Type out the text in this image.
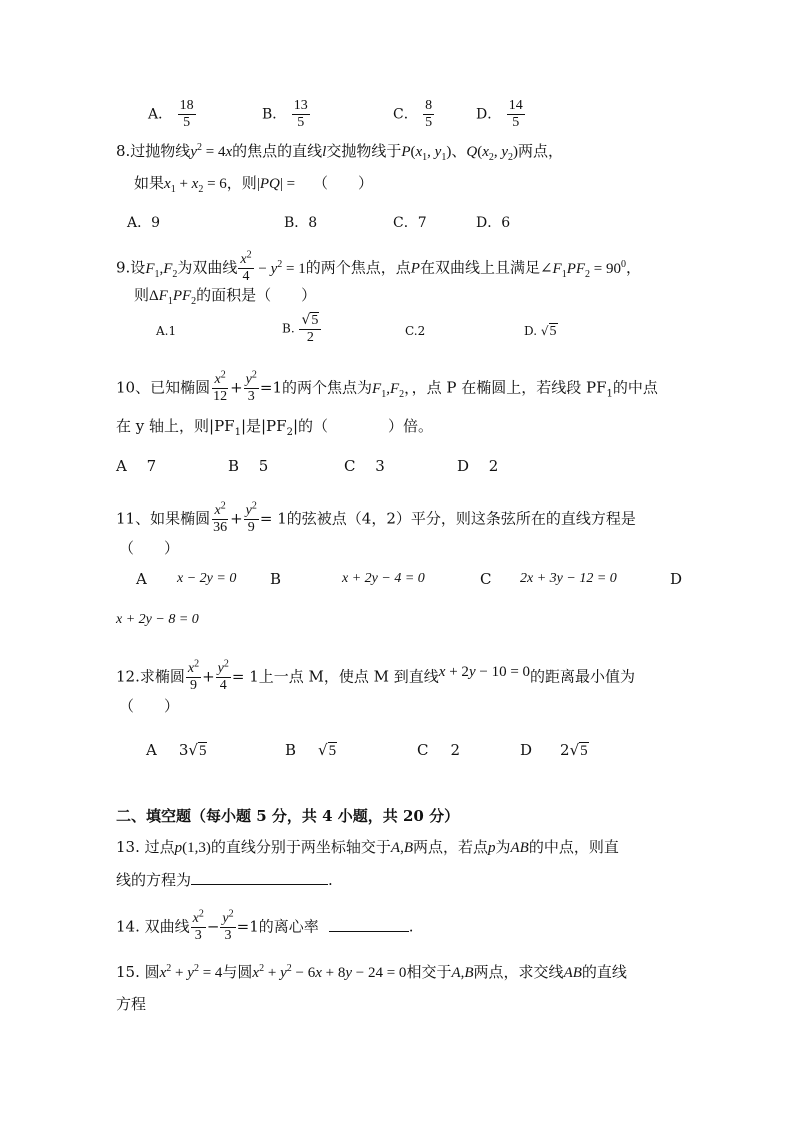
A． $\frac{18}{5}$	B． $\frac{13}{5}$	C． $\frac{8}{5}$	D． $\frac{14}{5}$
8.过抛物线$y^2 = 4x$的焦点的直线l交抛物线于$P(x_1$, $y_1$)、$Q(x_2$, $y_2$)两点，
如果$x_1 + x_2 = 6$，则|PQ| = （　　）
A．9	B．8	C．7	D．6
9.设$F_1,F_2$为双曲线 $\frac{x^2}{4} - y^2 = 1$的两个焦点，点P在双曲线上且满足$\angle F_1PF_2 = 90^0$，
则$\Delta F_1PF_2$的面积是（　　）
A.1	B. $\frac{√5}{2}$	C.2	D. √5
10、已知椭圆 $\frac{x^2}{12} + \frac{y^2}{3} =1$的两个焦点为$F_1,F_2$，，点 P 在椭圆上，若线段 $PF_1$的中点
在 y 轴上，则$|PF_1|$是$|PF_2|$的（　　　　）倍。
A　 7	B　 5	C　 3	D　 2
11、如果椭圆 $\frac{x^2}{36} + \frac{y^2}{9} = 1$的弦被点（4，2）平分，则这条弦所在的直线方程是
（　　）
A x − 2y = 0 B	x + 2y − 4 = 0	C 2x + 3y − 12 = 0	D
x + 2y − 8 = 0
12.求椭圆 $\frac{x^2}{9} + \frac{y^2}{4} = 1$上一点 M，使点 M 到直线x + 2y − 10 = 0的距离最小值为
（　　）
A 3√5	B √5	C 2	D 2√5
二、填空题（每小题 5 分，共 4 小题，共 20 分）
13. 过点p(1,3)的直线分别于两坐标轴交于A,B两点，若点p为AB的中点，则直
线的方程为	.
14. 双曲线 $\frac{x^2}{3} - \frac{y^2}{3} =1$的离心率	.
15. 圆$x^2 + y^2 = 4$与圆$x^2 + y^2 - 6x + 8y - 24 = 0$相交于A,B两点，求交线AB的直线
方程
